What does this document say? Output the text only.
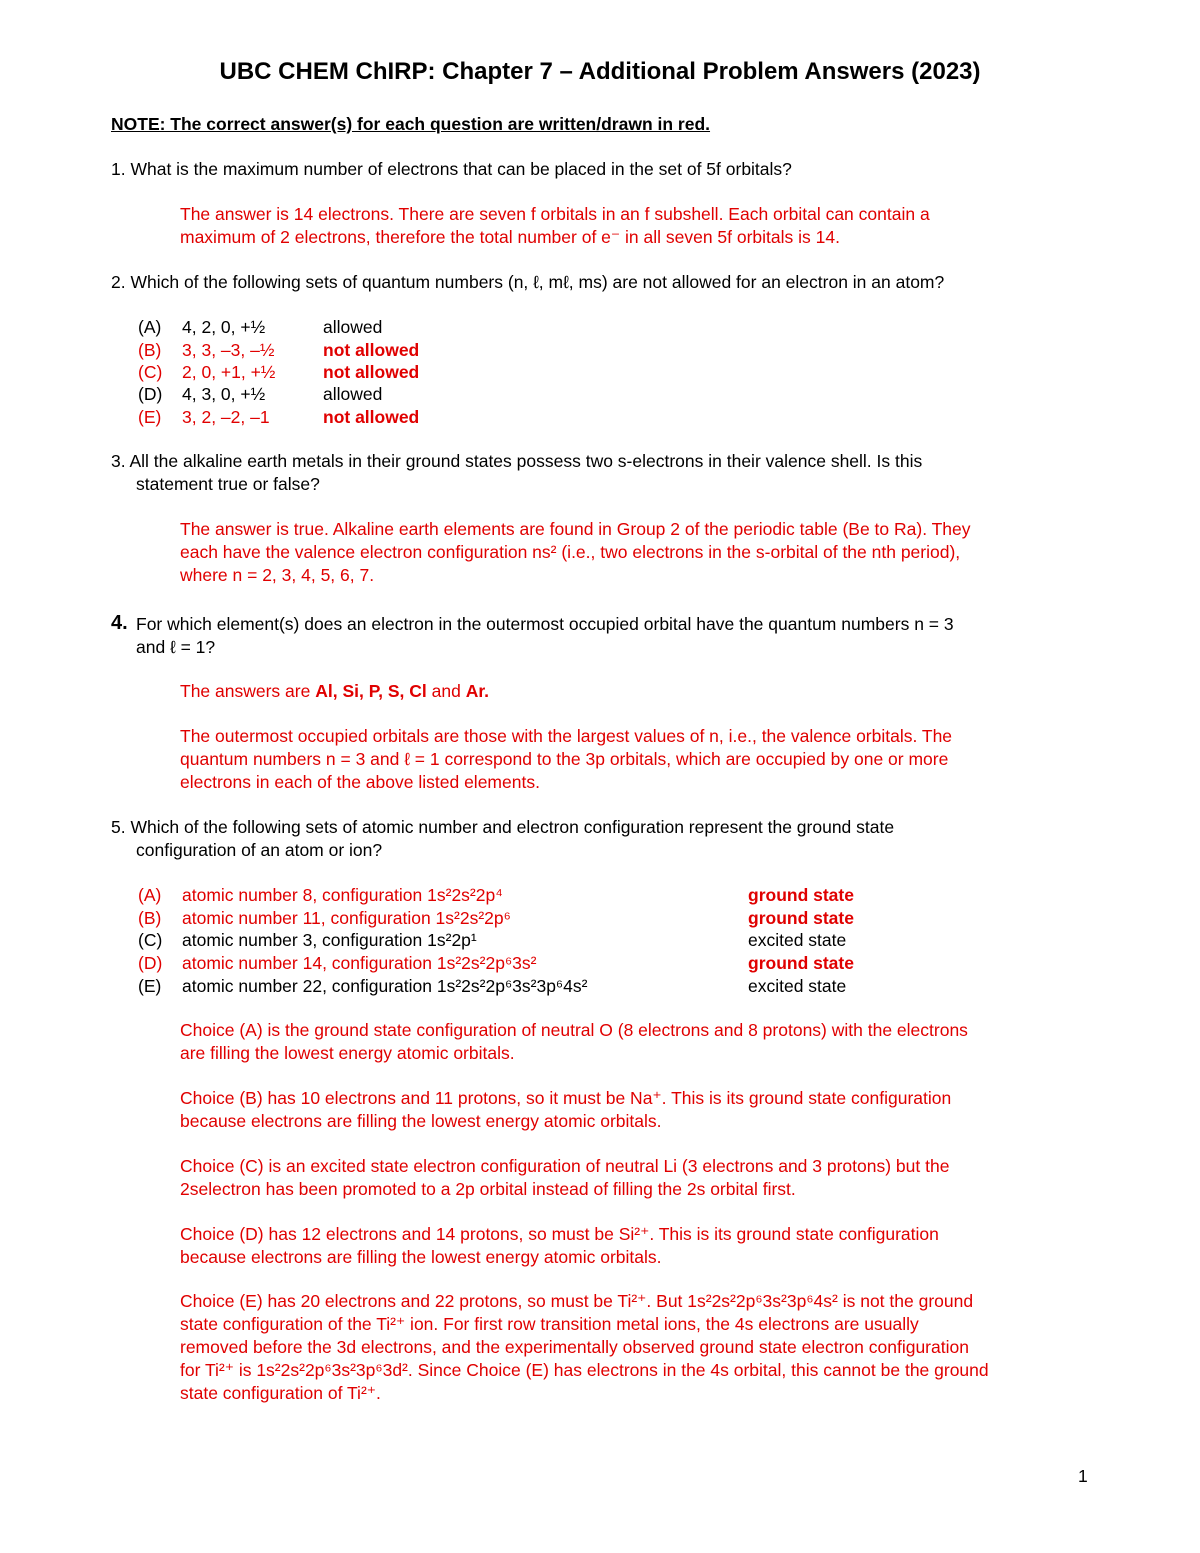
UBC CHEM ChIRP: Chapter 7 – Additional Problem Answers (2023)
NOTE: The correct answer(s) for each question are written/drawn in red.
1. What is the maximum number of electrons that can be placed in the set of 5f orbitals?
The answer is 14 electrons. There are seven f orbitals in an f subshell. Each orbital can contain a
maximum of 2 electrons, therefore the total number of e⁻ in all seven 5f orbitals is 14.
2. Which of the following sets of quantum numbers (n, ℓ, mℓ, ms) are not allowed for an electron in an atom?
(A) 4, 2, 0, +½	allowed
(B) 3, 3, –3, –½	not allowed
(C) 2, 0, +1, +½	not allowed
(D) 4, 3, 0, +½	allowed
(E) 3, 2, –2, –1	not allowed
3. All the alkaline earth metals in their ground states possess two s-electrons in their valence shell. Is this
statement true or false?
The answer is true. Alkaline earth elements are found in Group 2 of the periodic table (Be to Ra). They
each have the valence electron configuration ns² (i.e., two electrons in the s-orbital of the nth period),
where n = 2, 3, 4, 5, 6, 7.
4. For which element(s) does an electron in the outermost occupied orbital have the quantum numbers n = 3
and ℓ = 1?
The answers are Al, Si, P, S, Cl and Ar.
The outermost occupied orbitals are those with the largest values of n, i.e., the valence orbitals. The
quantum numbers n = 3 and ℓ = 1 correspond to the 3p orbitals, which are occupied by one or more
electrons in each of the above listed elements.
5. Which of the following sets of atomic number and electron configuration represent the ground state
configuration of an atom or ion?
(A) atomic number 8, configuration 1s²2s²2p⁴	ground state
(B) atomic number 11, configuration 1s²2s²2p⁶	ground state
(C) atomic number 3, configuration 1s²2p¹	excited state
(D) atomic number 14, configuration 1s²2s²2p⁶3s²	ground state
(E) atomic number 22, configuration 1s²2s²2p⁶3s²3p⁶4s²	excited state
Choice (A) is the ground state configuration of neutral O (8 electrons and 8 protons) with the electrons
are filling the lowest energy atomic orbitals.
Choice (B) has 10 electrons and 11 protons, so it must be Na⁺. This is its ground state configuration
because electrons are filling the lowest energy atomic orbitals.
Choice (C) is an excited state electron configuration of neutral Li (3 electrons and 3 protons) but the
2selectron has been promoted to a 2p orbital instead of filling the 2s orbital first.
Choice (D) has 12 electrons and 14 protons, so must be Si²⁺. This is its ground state configuration
because electrons are filling the lowest energy atomic orbitals.
Choice (E) has 20 electrons and 22 protons, so must be Ti²⁺. But 1s²2s²2p⁶3s²3p⁶4s² is not the ground
state configuration of the Ti²⁺ ion. For first row transition metal ions, the 4s electrons are usually
removed before the 3d electrons, and the experimentally observed ground state electron configuration
for Ti²⁺ is 1s²2s²2p⁶3s²3p⁶3d². Since Choice (E) has electrons in the 4s orbital, this cannot be the ground
state configuration of Ti²⁺.
1
